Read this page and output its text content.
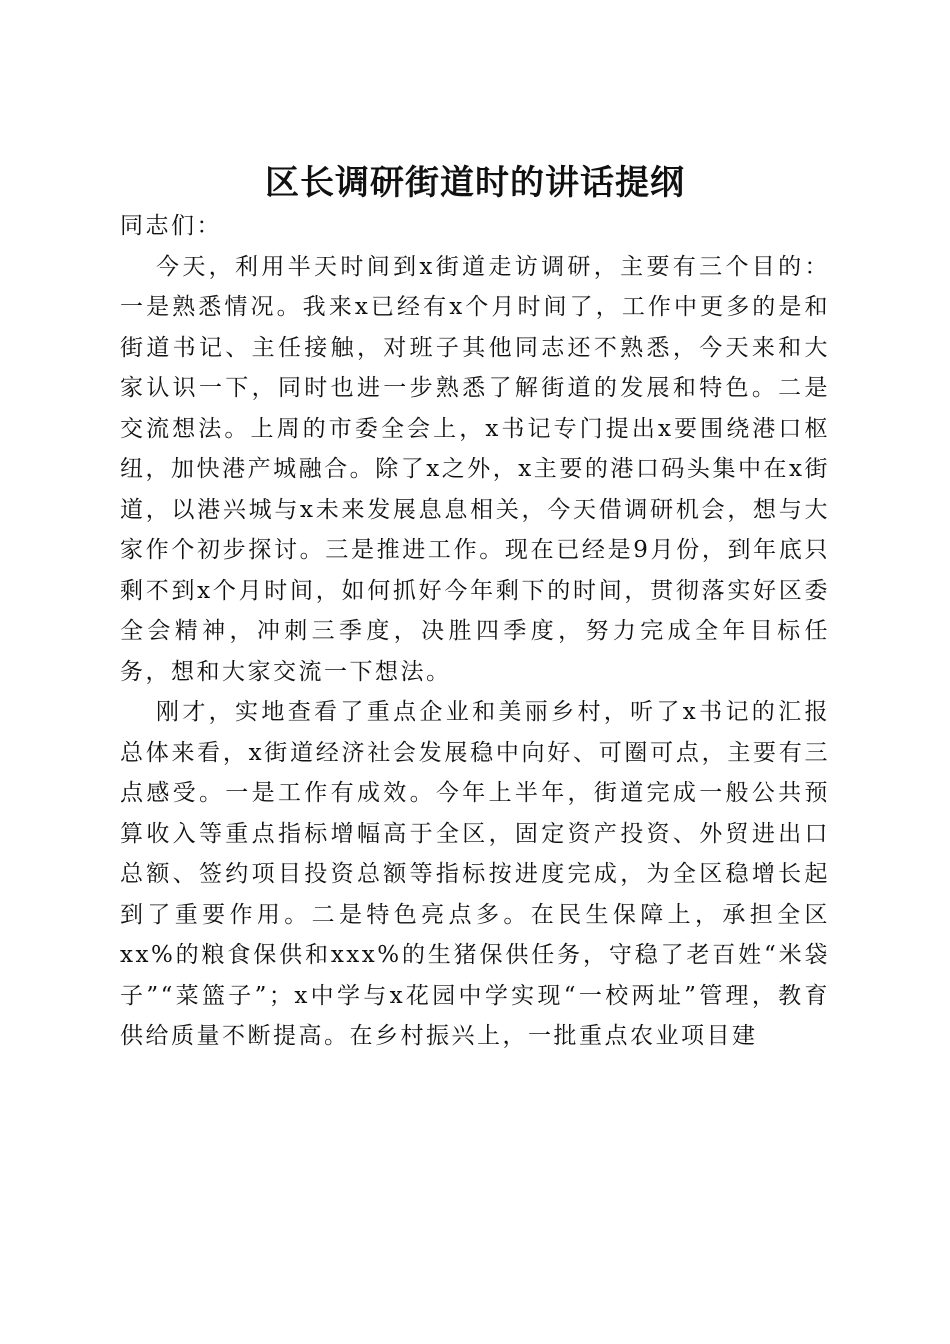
区长调研街道时的讲话提纲

同志们：

今天，利用半天时间到x街道走访调研，主要有三个目的：一是熟悉情况。我来x已经有x个月时间了，工作中更多的是和街道书记、主任接触，对班子其他同志还不熟悉，今天来和大家认识一下，同时也进一步熟悉了解街道的发展和特色。二是交流想法。上周的市委全会上，x书记专门提出x要围绕港口枢纽，加快港产城融合。除了x之外，x主要的港口码头集中在x街道，以港兴城与x未来发展息息相关，今天借调研机会，想与大家作个初步探讨。三是推进工作。现在已经是9月份，到年底只剩不到x个月时间，如何抓好今年剩下的时间，贯彻落实好区委全会精神，冲刺三季度，决胜四季度，努力完成全年目标任务，想和大家交流一下想法。

刚才，实地查看了重点企业和美丽乡村，听了x书记的汇报总体来看，x街道经济社会发展稳中向好、可圈可点，主要有三点感受。一是工作有成效。今年上半年，街道完成一般公共预算收入等重点指标增幅高于全区，固定资产投资、外贸进出口总额、签约项目投资总额等指标按进度完成，为全区稳增长起到了重要作用。二是特色亮点多。在民生保障上，承担全区xx%的粮食保供和xxx%的生猪保供任务，守稳了老百姓“米袋子”“菜篮子”；x中学与x花园中学实现“一校两址”管理，教育供给质量不断提高。在乡村振兴上，一批重点农业项目建
